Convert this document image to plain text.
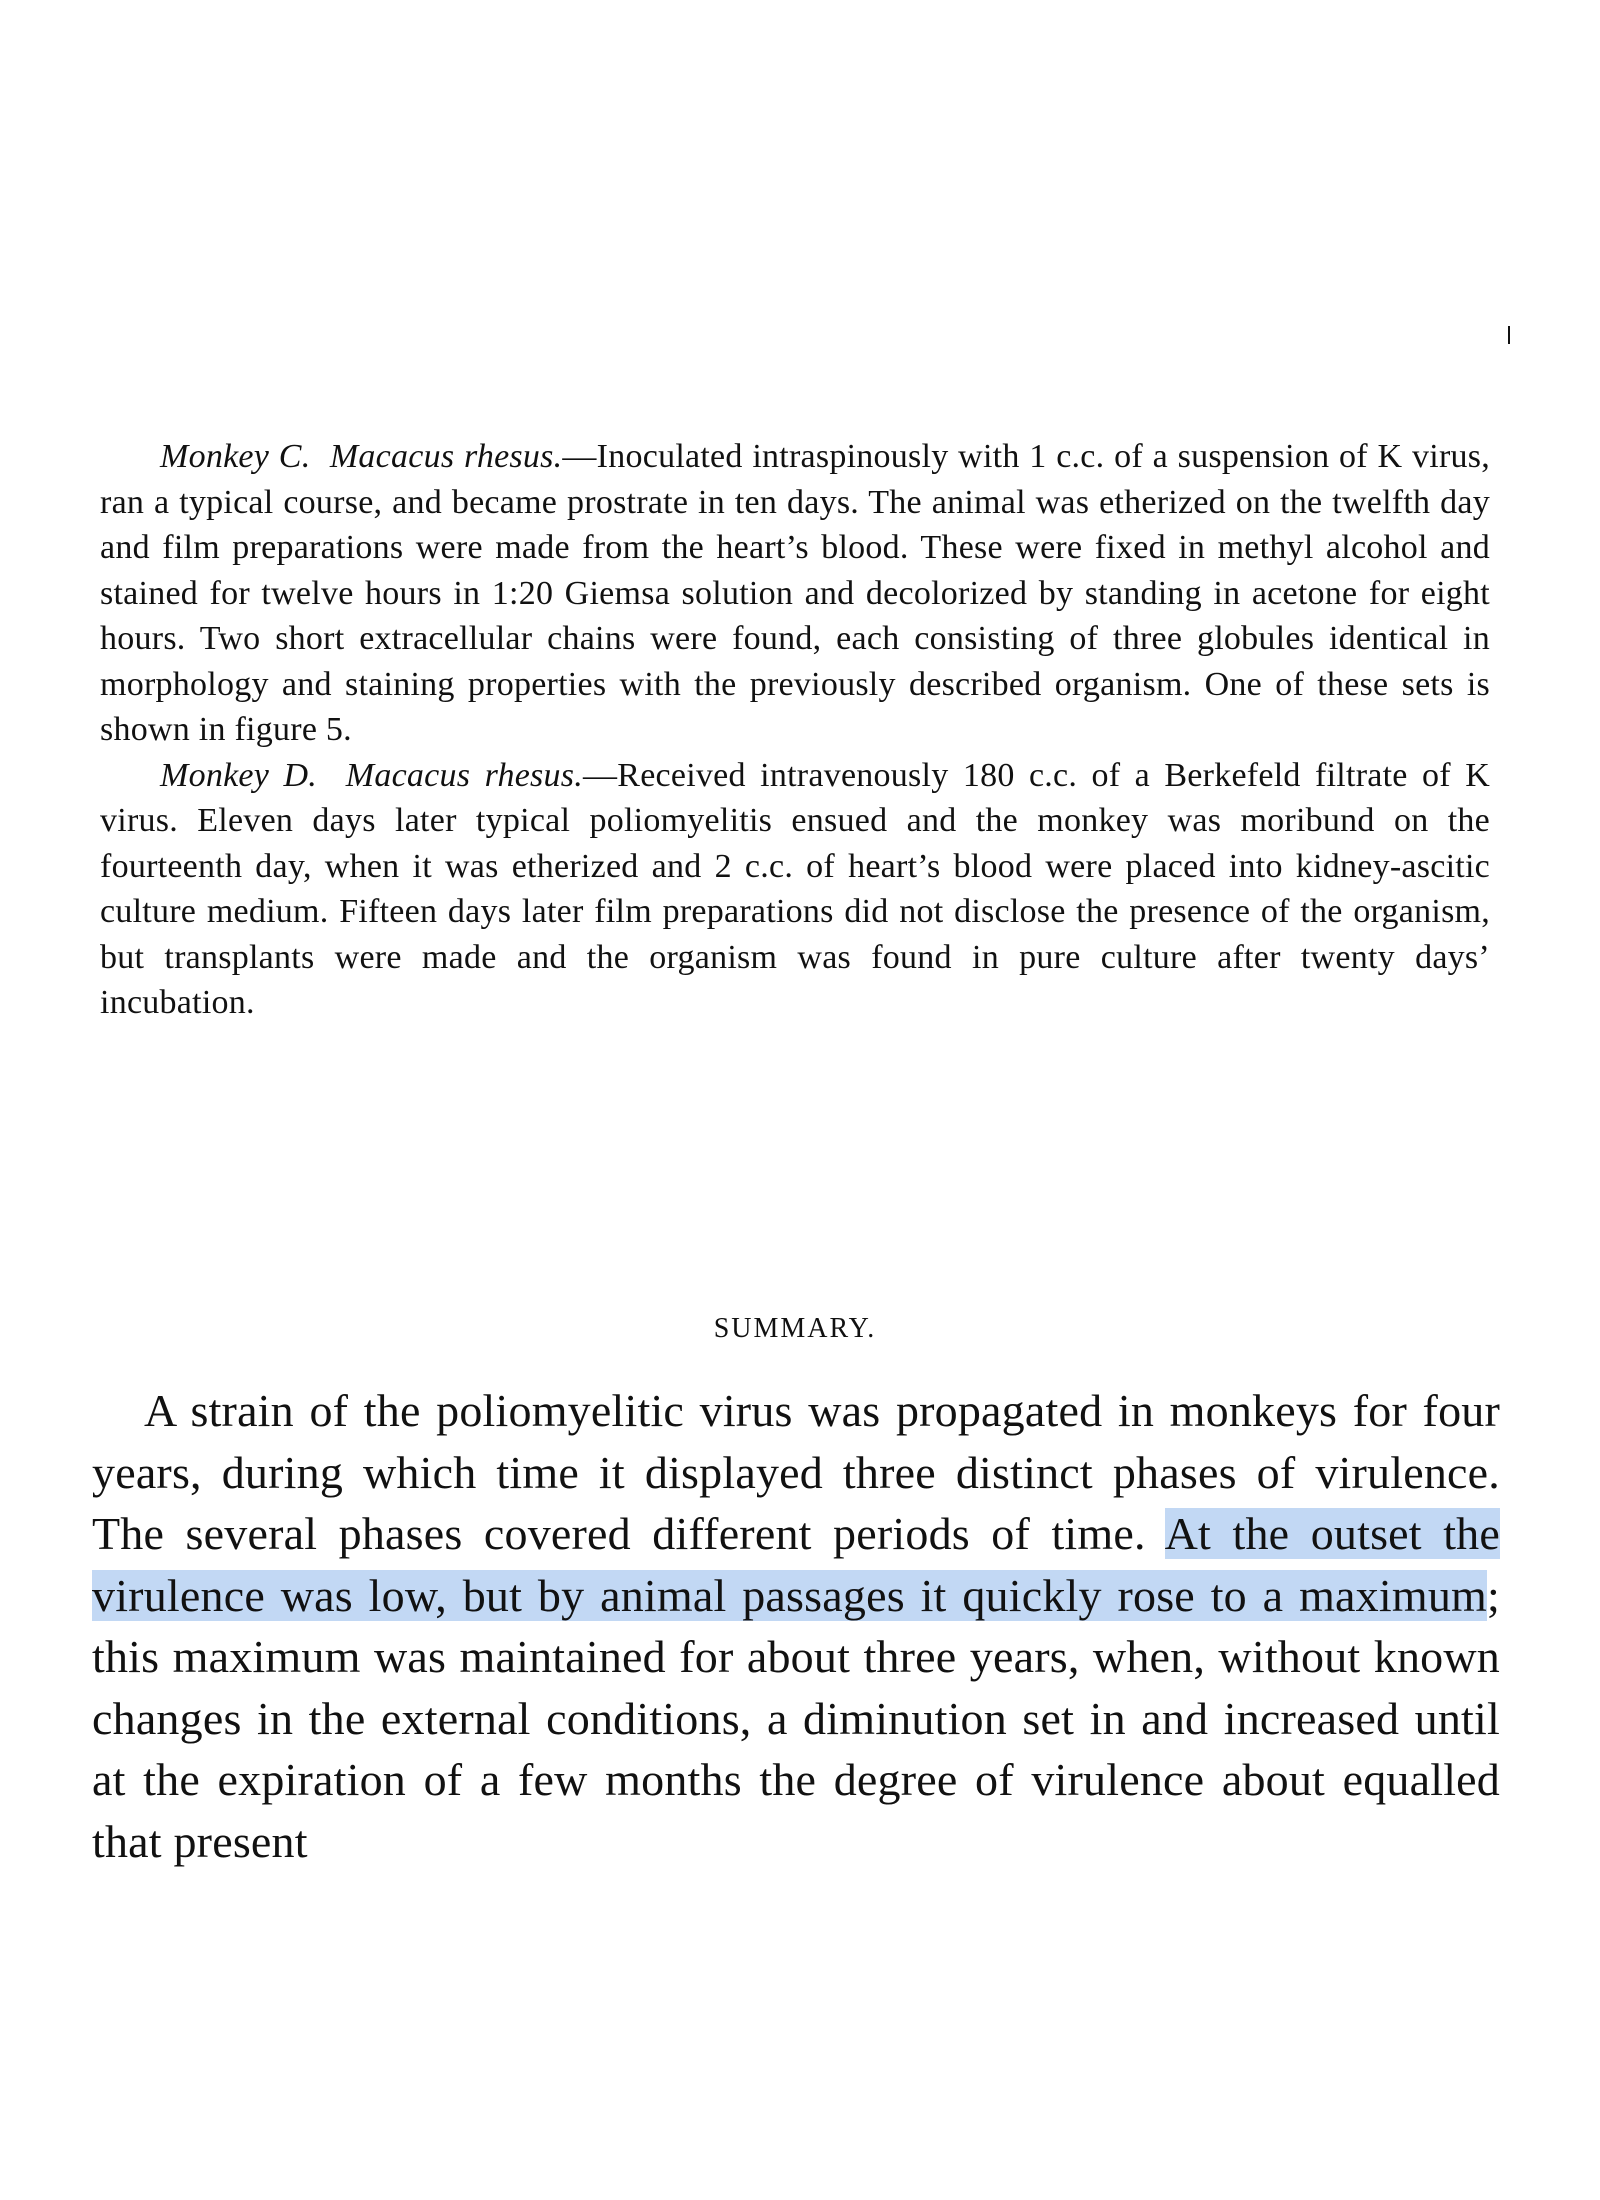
Monkey C. Macacus rhesus.—Inoculated intraspinously with 1 c.c. of a suspension of K virus, ran a typical course, and became prostrate in ten days. The animal was etherized on the twelfth day and film preparations were made from the heart’s blood. These were fixed in methyl alcohol and stained for twelve hours in 1:20 Giemsa solution and decolorized by standing in acetone for eight hours. Two short extracellular chains were found, each consisting of three globules identical in morphology and staining properties with the previously described organism. One of these sets is shown in figure 5.

Monkey D. Macacus rhesus.—Received intravenously 180 c.c. of a Berkefeld filtrate of K virus. Eleven days later typical poliomyelitis ensued and the monkey was moribund on the fourteenth day, when it was etherized and 2 c.c. of heart’s blood were placed into kidney-ascitic culture medium. Fifteen days later film preparations did not disclose the presence of the organism, but transplants were made and the organism was found in pure culture after twenty days’ incubation.

SUMMARY.

A strain of the poliomyelitic virus was propagated in monkeys for four years, during which time it displayed three distinct phases of virulence. The several phases covered different periods of time. At the outset the virulence was low, but by animal passages it quickly rose to a maximum; this maximum was maintained for about three years, when, without known changes in the external conditions, a diminution set in and increased until at the expiration of a few months the degree of virulence about equalled that present
